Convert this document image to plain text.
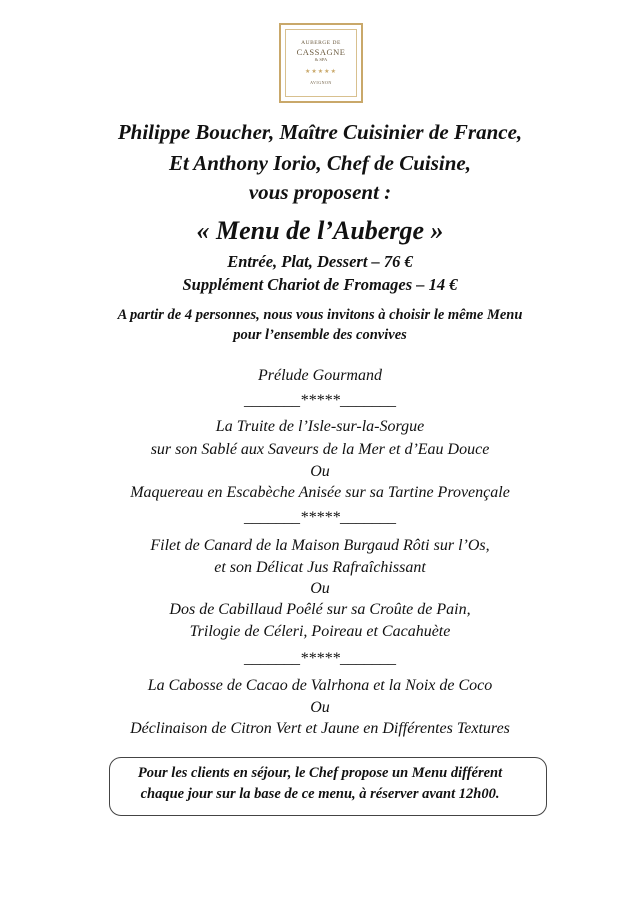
AUBERGE DE
CASSAGNE
& SPA
★★★★★
AVIGNON
Philippe Boucher, Maître Cuisinier de France,
Et Anthony Iorio, Chef de Cuisine,
vous proposent :
« Menu de l’Auberge »
Entrée, Plat, Dessert – 76 €
Supplément Chariot de Fromages – 14 €
A partir de 4 personnes, nous vous invitons à choisir le même Menu
pour l’ensemble des convives
Prélude Gourmand
_______*****_______
La Truite de l’Isle-sur-la-Sorgue
sur son Sablé aux Saveurs de la Mer et d’Eau Douce
Ou
Maquereau en Escabèche Anisée sur sa Tartine Provençale
_______*****_______
Filet de Canard de la Maison Burgaud Rôti sur l’Os,
et son Délicat Jus Rafraîchissant
Ou
Dos de Cabillaud Poêlé sur sa Croûte de Pain,
Trilogie de Céleri, Poireau et Cacahuète
_______*****_______
La Cabosse de Cacao de Valrhona et la Noix de Coco
Ou
Déclinaison de Citron Vert et Jaune en Différentes Textures
Pour les clients en séjour, le Chef propose un Menu différent
chaque jour sur la base de ce menu, à réserver avant 12h00.
